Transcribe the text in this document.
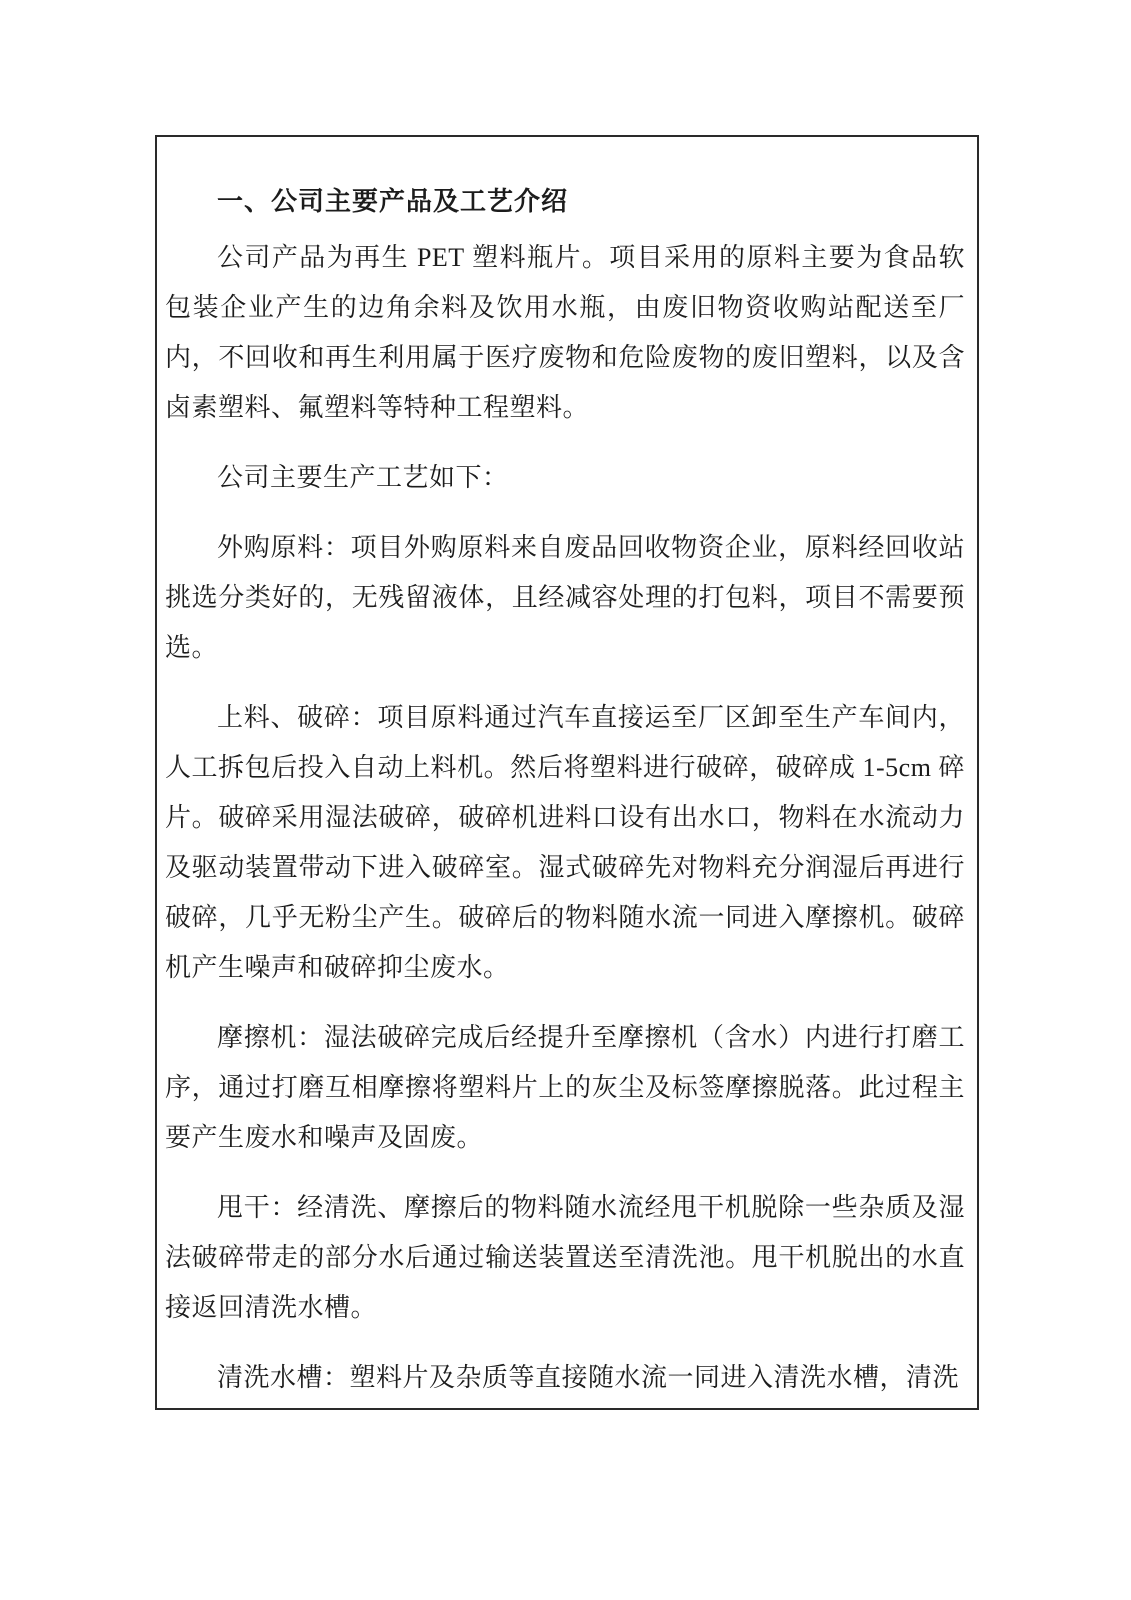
一、公司主要产品及工艺介绍

公司产品为再生 PET 塑料瓶片。项目采用的原料主要为食品软包装企业产生的边角余料及饮用水瓶，由废旧物资收购站配送至厂内，不回收和再生利用属于医疗废物和危险废物的废旧塑料，以及含卤素塑料、氟塑料等特种工程塑料。

公司主要生产工艺如下：

外购原料：项目外购原料来自废品回收物资企业，原料经回收站挑选分类好的，无残留液体，且经减容处理的打包料，项目不需要预选。

上料、破碎：项目原料通过汽车直接运至厂区卸至生产车间内，人工拆包后投入自动上料机。然后将塑料进行破碎，破碎成 1-5cm 碎片。破碎采用湿法破碎，破碎机进料口设有出水口，物料在水流动力及驱动装置带动下进入破碎室。湿式破碎先对物料充分润湿后再进行破碎，几乎无粉尘产生。破碎后的物料随水流一同进入摩擦机。破碎机产生噪声和破碎抑尘废水。

摩擦机：湿法破碎完成后经提升至摩擦机（含水）内进行打磨工序，通过打磨互相摩擦将塑料片上的灰尘及标签摩擦脱落。此过程主要产生废水和噪声及固废。

甩干：经清洗、摩擦后的物料随水流经甩干机脱除一些杂质及湿法破碎带走的部分水后通过输送装置送至清洗池。甩干机脱出的水直接返回清洗水槽。

清洗水槽：塑料片及杂质等直接随水流一同进入清洗水槽，清洗
